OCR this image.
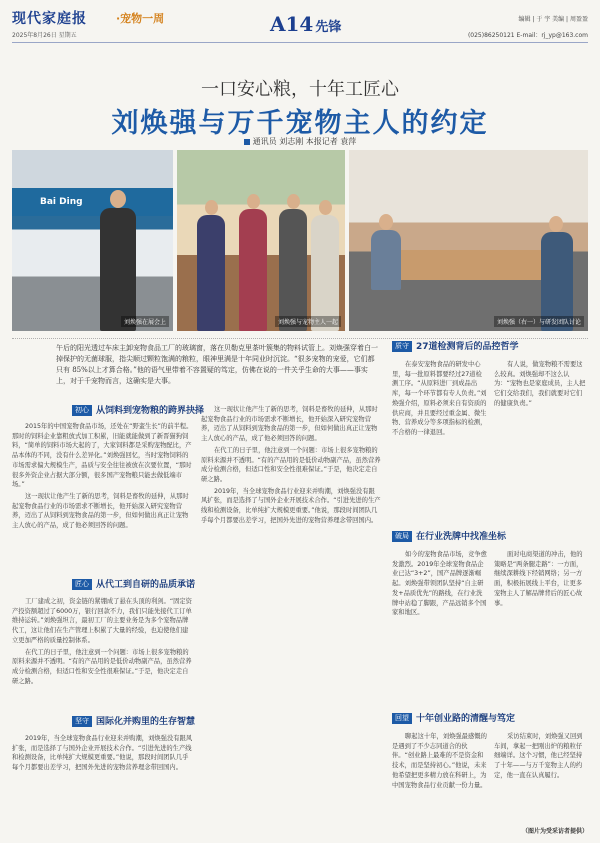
现代家庭报	·宠物一周
2025年8月26日 星期五	A14 先锋
编辑 | 于 宇 美编 | 周盈盈
(025)86250121 E-mail：rj_yp@163.com
一口安心粮，十年工匠心
刘焕强与万千宠物主人的约定
通讯员 刘志刚 本报记者 袁萍
Bai Ding
刘焕强在展会上	刘焕强与宠物主人一起	刘焕强（右一）与研发团队讨论
午后的阳光透过车床主卸宠物食品工厂的玻璃窗，落在贝勒克里茶叶簇集的物料试管上。刘焕强穿着白一掉保护的无菌球服，指尖顺过颗粒饱满的粮粒，眼神里满是十年同业时沉淀。“很多宠物的宠爱，它们都只有 85%以上才算合格。”他的语气里带着不容置疑的笃定，仿佛在说的一件关乎生命的大事——事实上，对于千宠物而言，这确实是大事。
初心 从饲料到宠物粮的跨界抉择

2015年的中国宠物食品市场，还处在“野蛮生长”的前半程。那时的饲料企业靠粗放式加工积累，旧能就能做到了新晋猫狗饲料，“简单的饲料市场大起的了，大家饲料都是采购宠物配比，产品本体的不同，没有什么差异化。”刘焕强回忆，当时宠物饲料的市场需求偏大规模生产，品质与安全往往被放在次要位置，“那时很多外资企业占据大部分额，很多国产宠物粮只能去做低端市场。”

这一现状让他产生了新的思考，饲料是畜牧的延伸，从那时起宠物食品行业的市场需求不断增长，他开始深入研究宠物营养，迈出了从饲料到宠物食品的第一步，但如何做出真正让宠物主人放心的产品，成了他必须回答的问题。

匠心 从代工到自研的品质承诺

工厂建成之初，资金链的紧绷成了悬在头顶的利剑。“固定资产投资额超过了6000万，银行回款不力，我们只能先接代工订单维持运转。”刘焕强坦言，最初工厂的主要业务是为多个宠物品牌代工，这让他们在生产管理上积累了大量的经验，也迫使他们建立更加严格的质量控制体系。

在代工的日子里，他注意到一个问题：市场上很多宠物粮的原料来源并不透明。“有的产品用的是低价动物副产品，虽然营养成分检测合格，但适口性和安全性很难保证。”于是，他决定走自研之路。

坚守 国际化并购里的生存智慧

2019年，当全球宠物食品行业迎来并购潮，刘焕强没有跟风扩张，而是选择了与国外企业开展技术合作。“引进先进的生产线和检测设备，比单纯扩大规模更重要。”他说，那段时间团队几乎每个月都要出差学习，把国外先进的宠物营养理念带回国内。

这一现状让他产生了新的思考，饲料是畜牧的延伸，从那时起宠物食品行业的市场需求不断增长，他开始深入研究宠物营养，迈出了从饲料到宠物食品的第一步，但如何做出真正让宠物主人放心的产品，成了他必须回答的问题。

在代工的日子里，他注意到一个问题：市场上很多宠物粮的原料来源并不透明。“有的产品用的是低价动物副产品，虽然营养成分检测合格，但适口性和安全性很难保证。”于是，他决定走自研之路。

2019年，当全球宠物食品行业迎来并购潮，刘焕强没有跟风扩张，而是选择了与国外企业开展技术合作。“引进先进的生产线和检测设备，比单纯扩大规模更重要。”他说，那段时间团队几乎每个月都要出差学习，把国外先进的宠物营养理念带回国内。

质守 27道检测背后的品控哲学

在泰安宠物食品的研发中心里，每一批原料都要经过27道检测工序。“从原料进厂到成品出库，每一个环节都有专人负责。”刘焕强介绍，原料必须来自有资质的供应商，并且要经过重金属、微生物、营养成分等多项指标的检测，不合格的一律退回。

有人说，做宠物粮不需要这么较真。刘焕强却不这么认为：“宠物也是家庭成员，主人把它们交给我们，我们就要对它们的健康负责。”

破局 在行业洗牌中找准坐标

如今的宠物食品市场，竞争愈发激烈。2019年全球宠物食品企业已达“3+2”，国产品牌逐渐崛起。刘焕强带领团队坚持“自主研发+品质优先”的路线，在行业洗牌中站稳了脚跟，产品远销多个国家和地区。

面对电商渠道的冲击，他的策略是“两条腿走路”：一方面，继续深耕线下经销网络；另一方面，积极拓展线上平台，让更多宠物主人了解品牌背后的匠心故事。

回望 十年创业路的清醒与笃定

聊起这十年，刘焕强最感慨的是遇到了不少志同道合的伙伴。“创业路上最难的不是资金和技术，而是坚持初心。”他说，未来他希望把更多精力放在科研上，为中国宠物食品行业贡献一份力量。

采访结束时，刘焕强又回到车间，拿起一把刚出炉的粮粒仔细端详。这个习惯，他已经坚持了十年——与万千宠物主人的约定，他一直在认真履行。

（图片为受采访者提供）
